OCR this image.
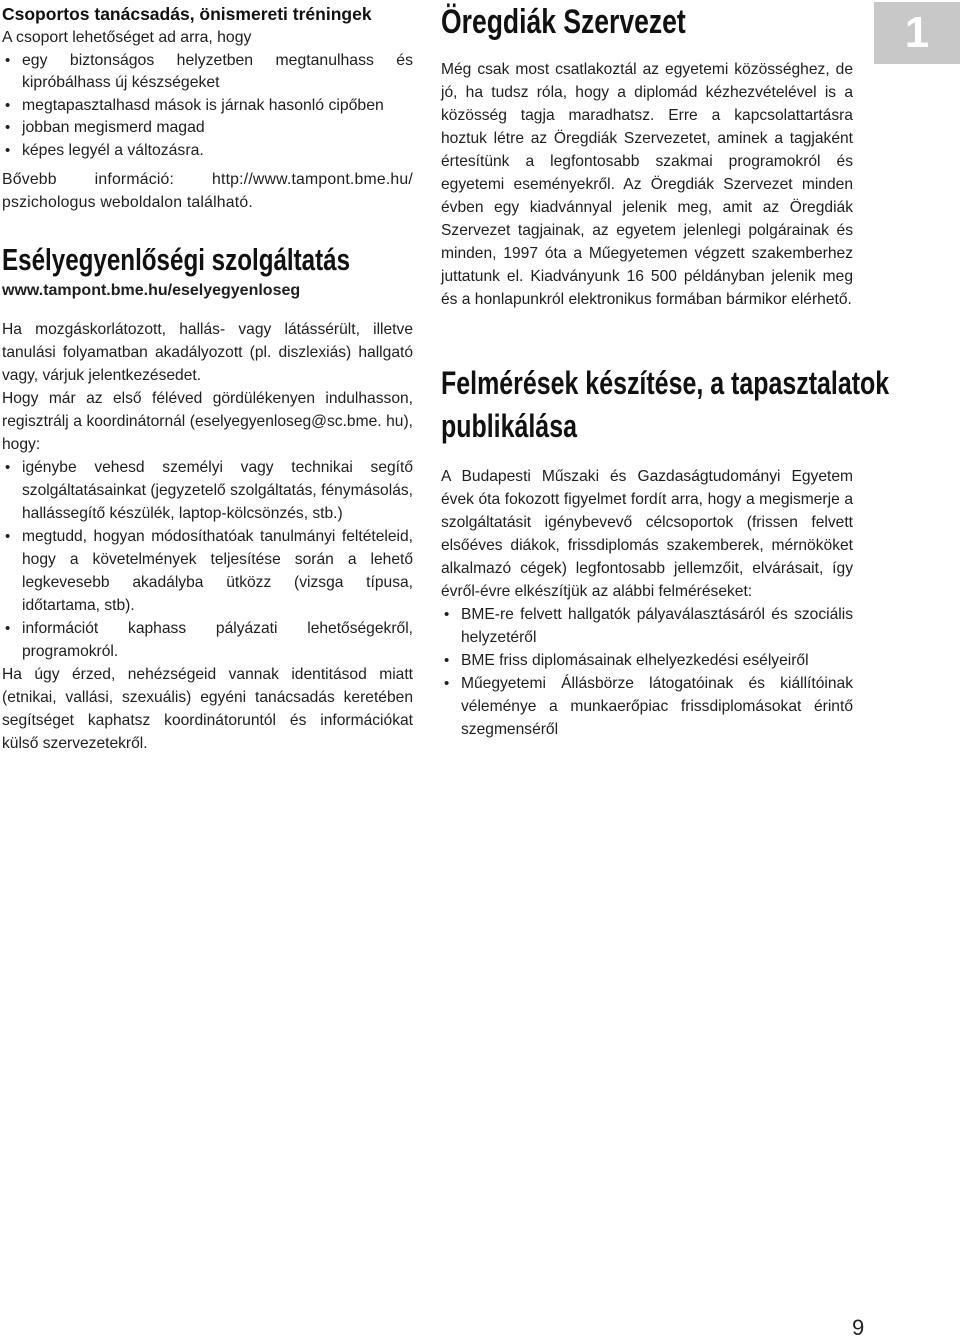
Csoportos tanácsadás, önismereti tréningek

A csoport lehetőséget ad arra, hogy

• egy biztonságos helyzetben megtanulhass és kipróbálhass új készségeket

• megtapasztalhasd mások is járnak hasonló cipőben

• jobban megismerd magad

• képes legyél a változásra.

Bővebb információ: http://www.tampont.bme.hu/ pszichologus weboldalon található.

Esélyegyenlőségi szolgáltatás
www.tampont.bme.hu/eselyegyenloseg

Ha mozgáskorlátozott, hallás- vagy látássérült, illetve tanulási folyamatban akadályozott (pl. diszlexiás) hallgató vagy, várjuk jelentkezésedet.

Hogy már az első féléved gördülékenyen indulhasson, regisztrálj a koordinátornál (eselyegyenloseg@sc.bme. hu), hogy:

• igénybe vehesd személyi vagy technikai segítő szolgáltatásainkat (jegyzetelő szolgáltatás, fénymásolás, hallássegítő készülék, laptop-kölcsönzés, stb.)

• megtudd, hogyan módosíthatóak tanulmányi feltételeid, hogy a követelmények teljesítése során a lehető legkevesebb akadályba ütközz (vizsga típusa, időtartama, stb).

• információt kaphass pályázati lehetőségekről, programokról.

Ha úgy érzed, nehézségeid vannak identitásod miatt (etnikai, vallási, szexuális) egyéni tanácsadás keretében segítséget kaphatsz koordinátoruntól és információkat külső szervezetekről.

Öregdiák Szervezet

Még csak most csatlakoztál az egyetemi közösséghez, de jó, ha tudsz róla, hogy a diplomád kézhezvételével is a közösség tagja maradhatsz. Erre a kapcsolattartásra hoztuk létre az Öregdiák Szervezetet, aminek a tagjaként értesítünk a legfontosabb szakmai programokról és egyetemi eseményekről. Az Öregdiák Szervezet minden évben egy kiadvánnyal jelenik meg, amit az Öregdiák Szervezet tagjainak, az egyetem jelenlegi polgárainak és minden, 1997 óta a Műegyetemen végzett szakemberhez juttatunk el. Kiadványunk 16 500 példányban jelenik meg és a honlapunkról elektronikus formában bármikor elérhető.

Felmérések készítése, a tapasztalatok
publikálása

A Budapesti Műszaki és Gazdaságtudományi Egyetem évek óta fokozott figyelmet fordít arra, hogy a megismerje a szolgáltatásit igénybevevő célcsoportok (frissen felvett elsőéves diákok, frissdiplomás szakemberek, mérnököket alkalmazó cégek) legfontosabb jellemzőit, elvárásait, így évről-évre elkészítjük az alábbi felméréseket:

• BME-re felvett hallgatók pályaválasztásáról és szociális helyzetéről

• BME friss diplomásainak elhelyezkedési esélyeiről

• Műegyetemi Állásbörze látogatóinak és kiállítóinak véleménye a munkaerőpiac frissdiplomásokat érintő szegmenséről

1
9
